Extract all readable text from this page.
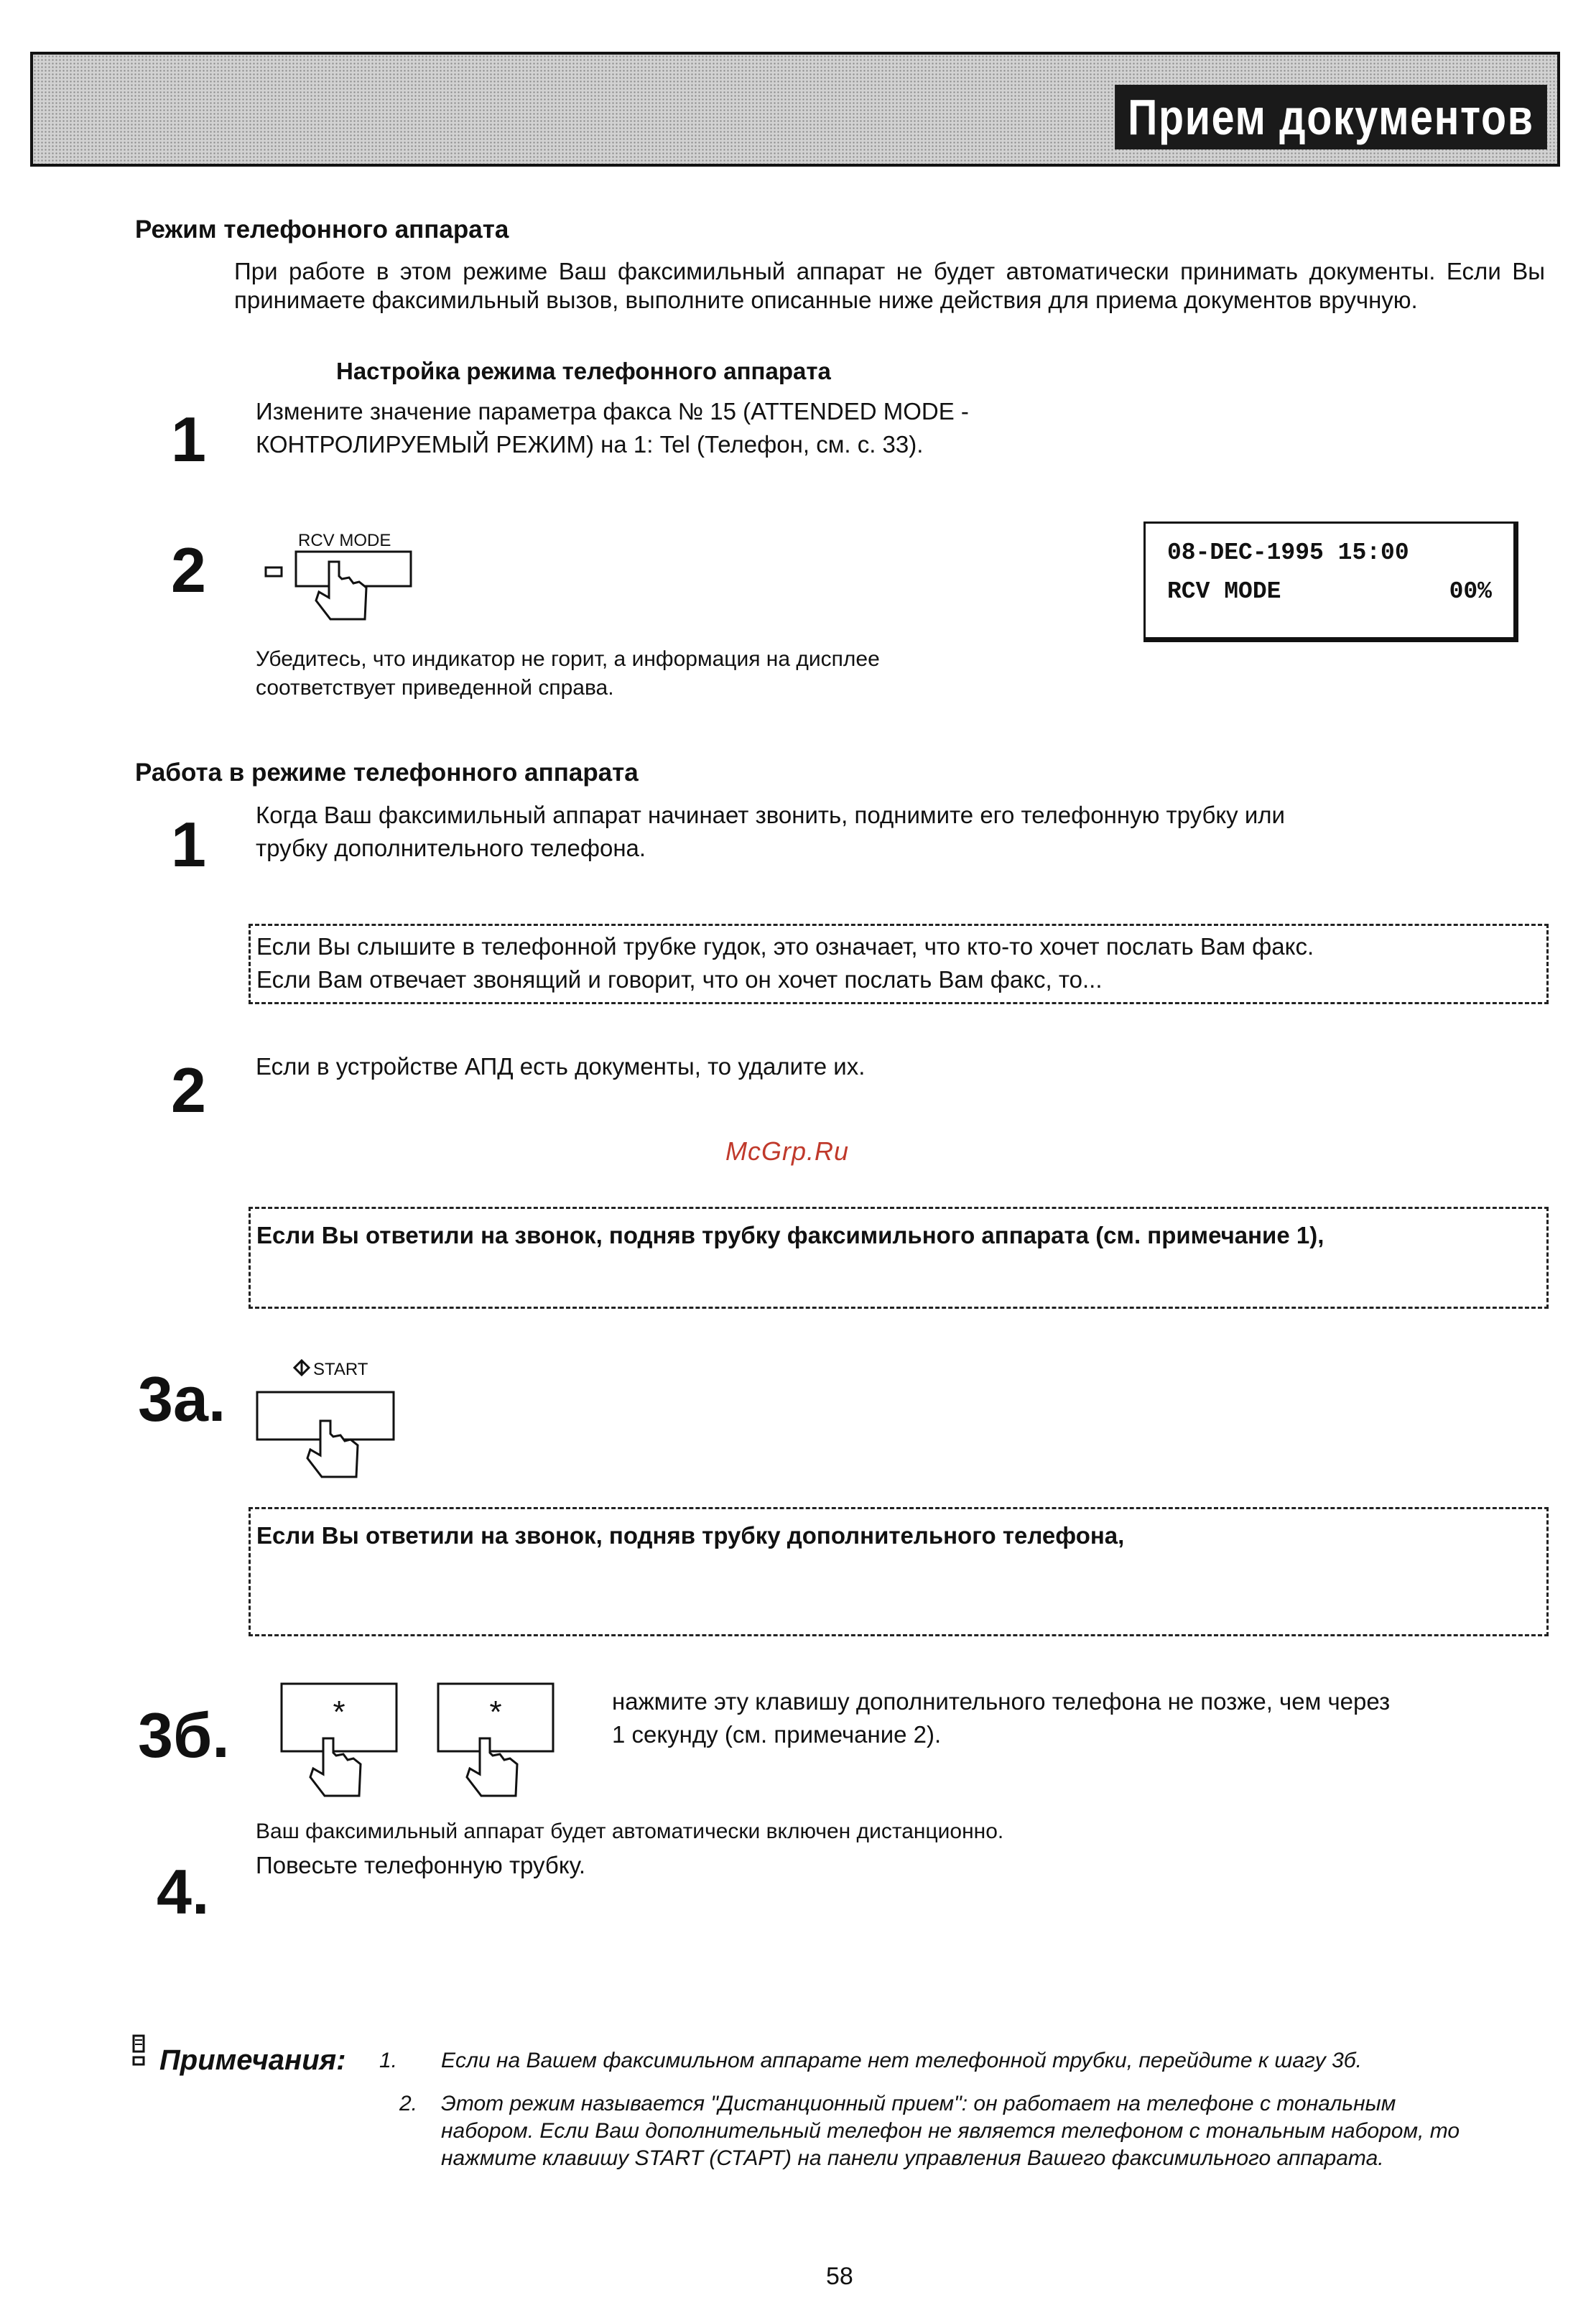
Прием документов
Режим телефонного аппарата
При работе в этом режиме Ваш факсимильный аппарат не будет автоматически принимать документы. Если Вы принимаете факсимильный вызов, выполните описанные ниже действия для приема документов вручную.
Настройка режима телефонного аппарата
1 Измените значение параметра факса № 15 (ATTENDED MODE -
КОНТРОЛИРУЕМЫЙ РЕЖИМ) на 1: Tel (Телефон, см. с. 33).
2	RCV MODE
Убедитесь, что индикатор не горит, а информация на дисплее
соответствует приведенной справа.
08-DEC-1995 15:00
RCV MODE	00%
Работа в режиме телефонного аппарата
1 Когда Ваш факсимильный аппарат начинает звонить, поднимите его телефонную трубку или
трубку дополнительного телефона.
Если Вы слышите в телефонной трубке гудок, это означает, что кто-то хочет послать Вам факс.
Если Вам отвечает звонящий и говорит, что он хочет послать Вам факс, то...
2 Если в устройстве АПД есть документы, то удалите их.
McGrp.Ru
Если Вы ответили на звонок, подняв трубку факсимильного аппарата (см. примечание 1),
3а.	START
Если Вы ответили на звонок, подняв трубку дополнительного телефона,
3б.	*	*	нажмите эту клавишу дополнительного телефона не позже, чем через
1 секунду (см. примечание 2).
Ваш факсимильный аппарат будет автоматически включен дистанционно.
4. Повесьте телефонную трубку.
Примечания: 1. Если на Вашем факсимильном аппарате нет телефонной трубки, перейдите к шагу 3б.
2. Этот режим называется "Дистанционный прием": он работает на телефоне с тональным
набором. Если Ваш дополнительный телефон не является телефоном с тональным набором, то
нажмите клавишу START (СТАРТ) на панели управления Вашего факсимильного аппарата.
58
